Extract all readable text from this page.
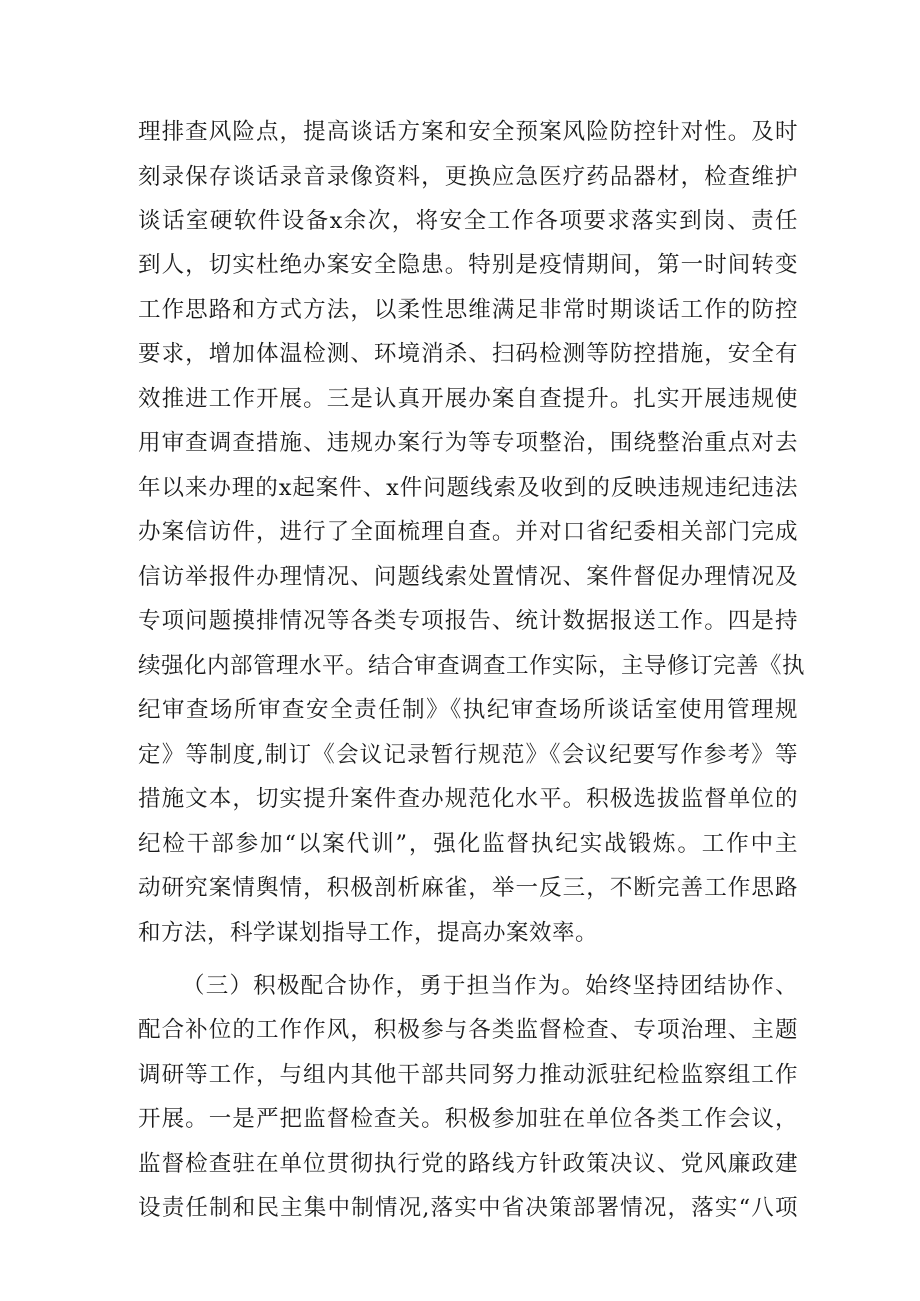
理排查风险点，提高谈话方案和安全预案风险防控针对性。及时
刻录保存谈话录音录像资料，更换应急医疗药品器材，检查维护
谈话室硬软件设备x余次，将安全工作各项要求落实到岗、责任
到人，切实杜绝办案安全隐患。特别是疫情期间，第一时间转变
工作思路和方式方法，以柔性思维满足非常时期谈话工作的防控
要求，增加体温检测、环境消杀、扫码检测等防控措施，安全有
效推进工作开展。三是认真开展办案自查提升。扎实开展违规使
用审查调查措施、违规办案行为等专项整治，围绕整治重点对去
年以来办理的x起案件、x件问题线索及收到的反映违规违纪违法
办案信访件，进行了全面梳理自查。并对口省纪委相关部门完成
信访举报件办理情况、问题线索处置情况、案件督促办理情况及
专项问题摸排情况等各类专项报告、统计数据报送工作。四是持
续强化内部管理水平。结合审查调查工作实际，主导修订完善《执
纪审查场所审查安全责任制》《执纪审查场所谈话室使用管理规
定》等制度,制订《会议记录暂行规范》《会议纪要写作参考》等
措施文本，切实提升案件查办规范化水平。积极选拔监督单位的
纪检干部参加“以案代训”，强化监督执纪实战锻炼。工作中主
动研究案情舆情，积极剖析麻雀，举一反三，不断完善工作思路
和方法，科学谋划指导工作，提高办案效率。
（三）积极配合协作，勇于担当作为。始终坚持团结协作、
配合补位的工作作风，积极参与各类监督检查、专项治理、主题
调研等工作，与组内其他干部共同努力推动派驻纪检监察组工作
开展。一是严把监督检查关。积极参加驻在单位各类工作会议，
监督检查驻在单位贯彻执行党的路线方针政策决议、党风廉政建
设责任制和民主集中制情况,落实中省决策部署情况，落实“八项
